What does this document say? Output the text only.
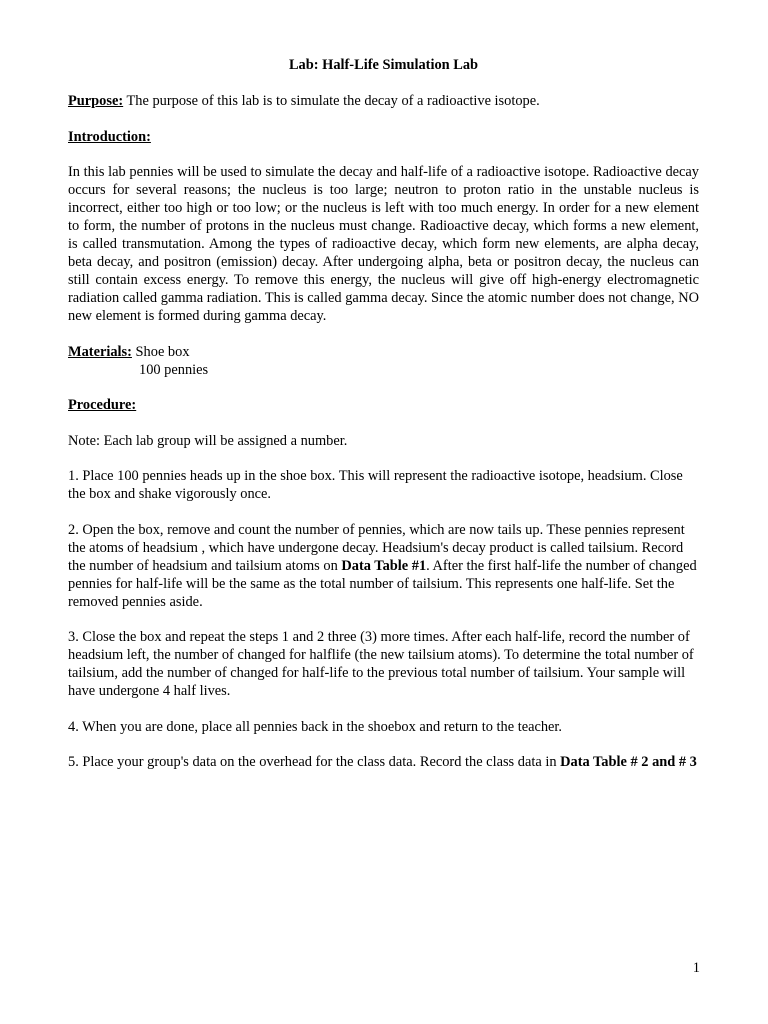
Lab: Half-Life Simulation Lab

Purpose: The purpose of this lab is to simulate the decay of a radioactive isotope.

Introduction:

In this lab pennies will be used to simulate the decay and half-life of a radioactive isotope. Radioactive decay occurs for several reasons; the nucleus is too large; neutron to proton ratio in the unstable nucleus is incorrect, either too high or too low; or the nucleus is left with too much energy. In order for a new element to form, the number of protons in the nucleus must change. Radioactive decay, which forms a new element, is called transmutation. Among the types of radioactive decay, which form new elements, are alpha decay, beta decay, and positron (emission) decay. After undergoing alpha, beta or positron decay, the nucleus can still contain excess energy. To remove this energy, the nucleus will give off high-energy electromagnetic radiation called gamma radiation. This is called gamma decay. Since the atomic number does not change, NO new element is formed during gamma decay.

Materials: Shoe box
100 pennies

Procedure:

Note: Each lab group will be assigned a number.

1. Place 100 pennies heads up in the shoe box. This will represent the radioactive isotope, headsium. Close the box and shake vigorously once.

2. Open the box, remove and count the number of pennies, which are now tails up. These pennies represent the atoms of headsium , which have undergone decay. Headsium's decay product is called tailsium. Record the number of headsium and tailsium atoms on Data Table #1. After the first half-life the number of changed pennies for half-life will be the same as the total number of tailsium. This represents one half-life. Set the removed pennies aside.

3. Close the box and repeat the steps 1 and 2 three (3) more times. After each half-life, record the number of headsium left, the number of changed for halflife (the new tailsium atoms). To determine the total number of tailsium, add the number of changed for half-life to the previous total number of tailsium. Your sample will have undergone 4 half lives.

4. When you are done, place all pennies back in the shoebox and return to the teacher.

5. Place your group's data on the overhead for the class data. Record the class data in Data Table # 2 and # 3

1
